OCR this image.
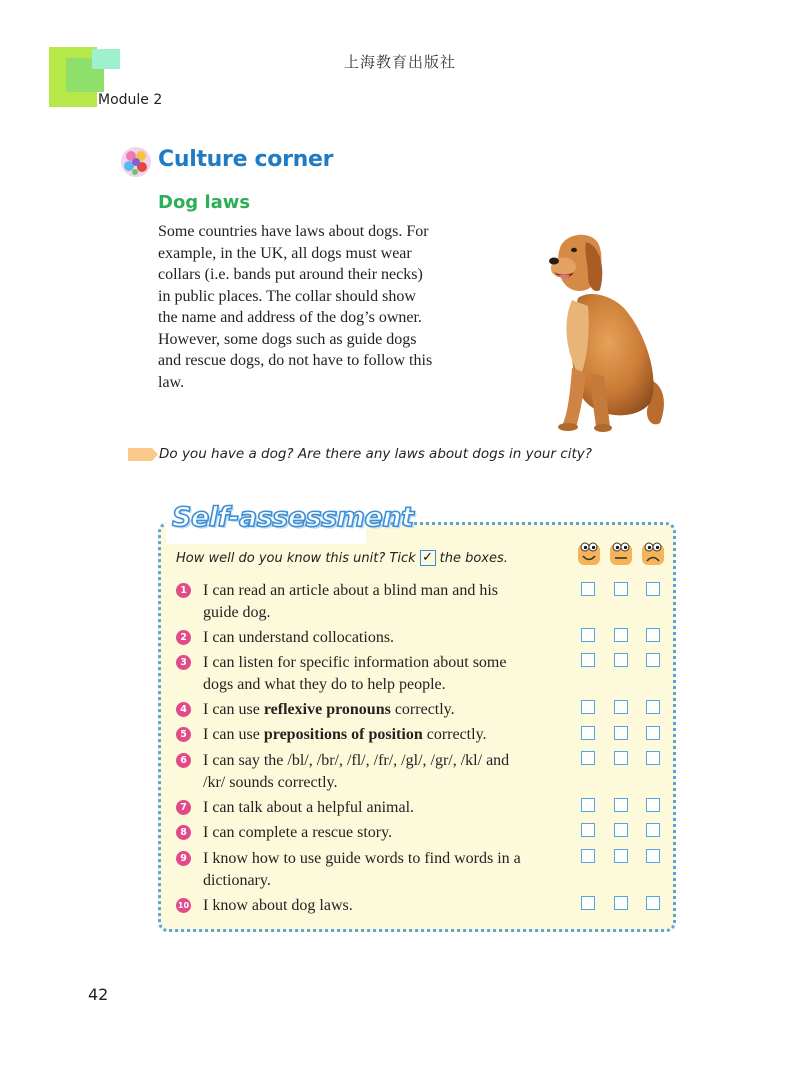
Module 2
上海教育出版社
Culture corner
Dog laws
Some countries have laws about dogs. For
example, in the UK, all dogs must wear
collars (i.e. bands put around their necks)
in public places. The collar should show
the name and address of the dog’s owner.
However, some dogs such as guide dogs
and rescue dogs, do not have to follow this
law.
Do you have a dog? Are there any laws about dogs in your city?
Self-assessment
How well do you know this unit? Tick ✓ the boxes.
1 I can read an article about a blind man and his
guide dog.
2 I can understand collocations.
3 I can listen for specific information about some
dogs and what they do to help people.
4 I can use reflexive pronouns correctly.
5 I can use prepositions of position correctly.
6 I can say the /bl/, /br/, /fl/, /fr/, /gl/, /gr/, /kl/ and
/kr/ sounds correctly.
7 I can talk about a helpful animal.
8 I can complete a rescue story.
9 I know how to use guide words to find words in a
dictionary.
10 I know about dog laws.
42
